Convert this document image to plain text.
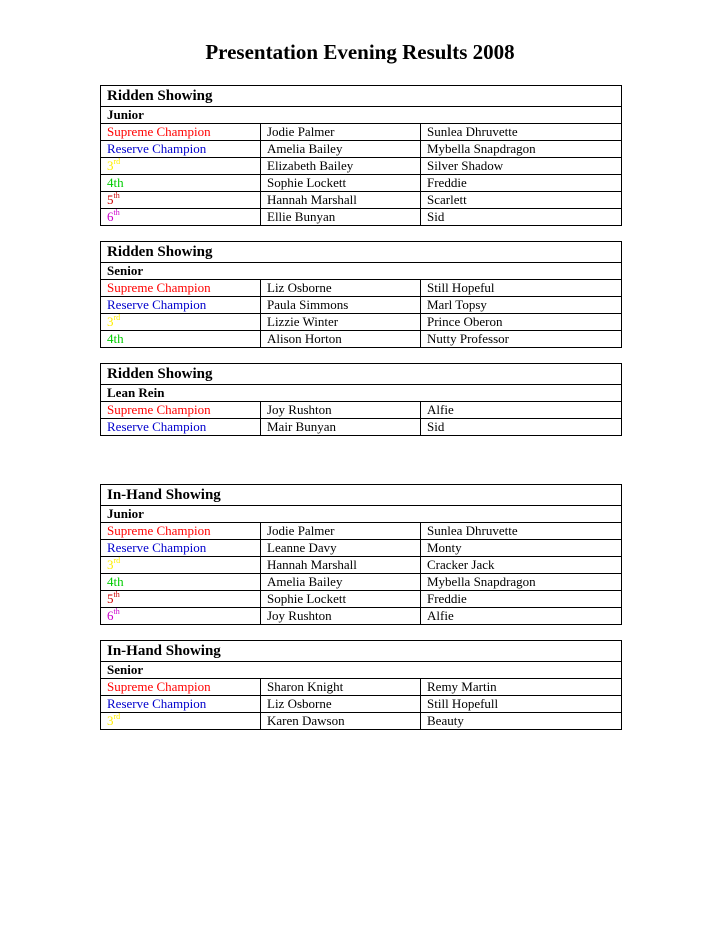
Presentation Evening Results 2008
Ridden Showing		
Junior		
Supreme Champion	Jodie Palmer	Sunlea Dhruvette
Reserve Champion	Amelia Bailey	Mybella Snapdragon
3rd	Elizabeth Bailey	Silver Shadow
4th	Sophie Lockett	Freddie
5th	Hannah Marshall	Scarlett
6th	Ellie Bunyan	Sid
Ridden Showing		
Senior		
Supreme Champion	Liz Osborne	Still Hopeful
Reserve Champion	Paula Simmons	Marl Topsy
3rd	Lizzie Winter	Prince Oberon
4th	Alison Horton	Nutty Professor
Ridden Showing		
Lean Rein		
Supreme Champion	Joy Rushton	Alfie
Reserve Champion	Mair Bunyan	Sid
In-Hand Showing		
Junior		
Supreme Champion	Jodie Palmer	Sunlea Dhruvette
Reserve Champion	Leanne Davy	Monty
3rd	Hannah Marshall	Cracker Jack
4th	Amelia Bailey	Mybella Snapdragon
5th	Sophie Lockett	Freddie
6th	Joy Rushton	Alfie
In-Hand Showing		
Senior		
Supreme Champion	Sharon Knight	Remy Martin
Reserve Champion	Liz Osborne	Still Hopefull
3rd	Karen Dawson	Beauty
